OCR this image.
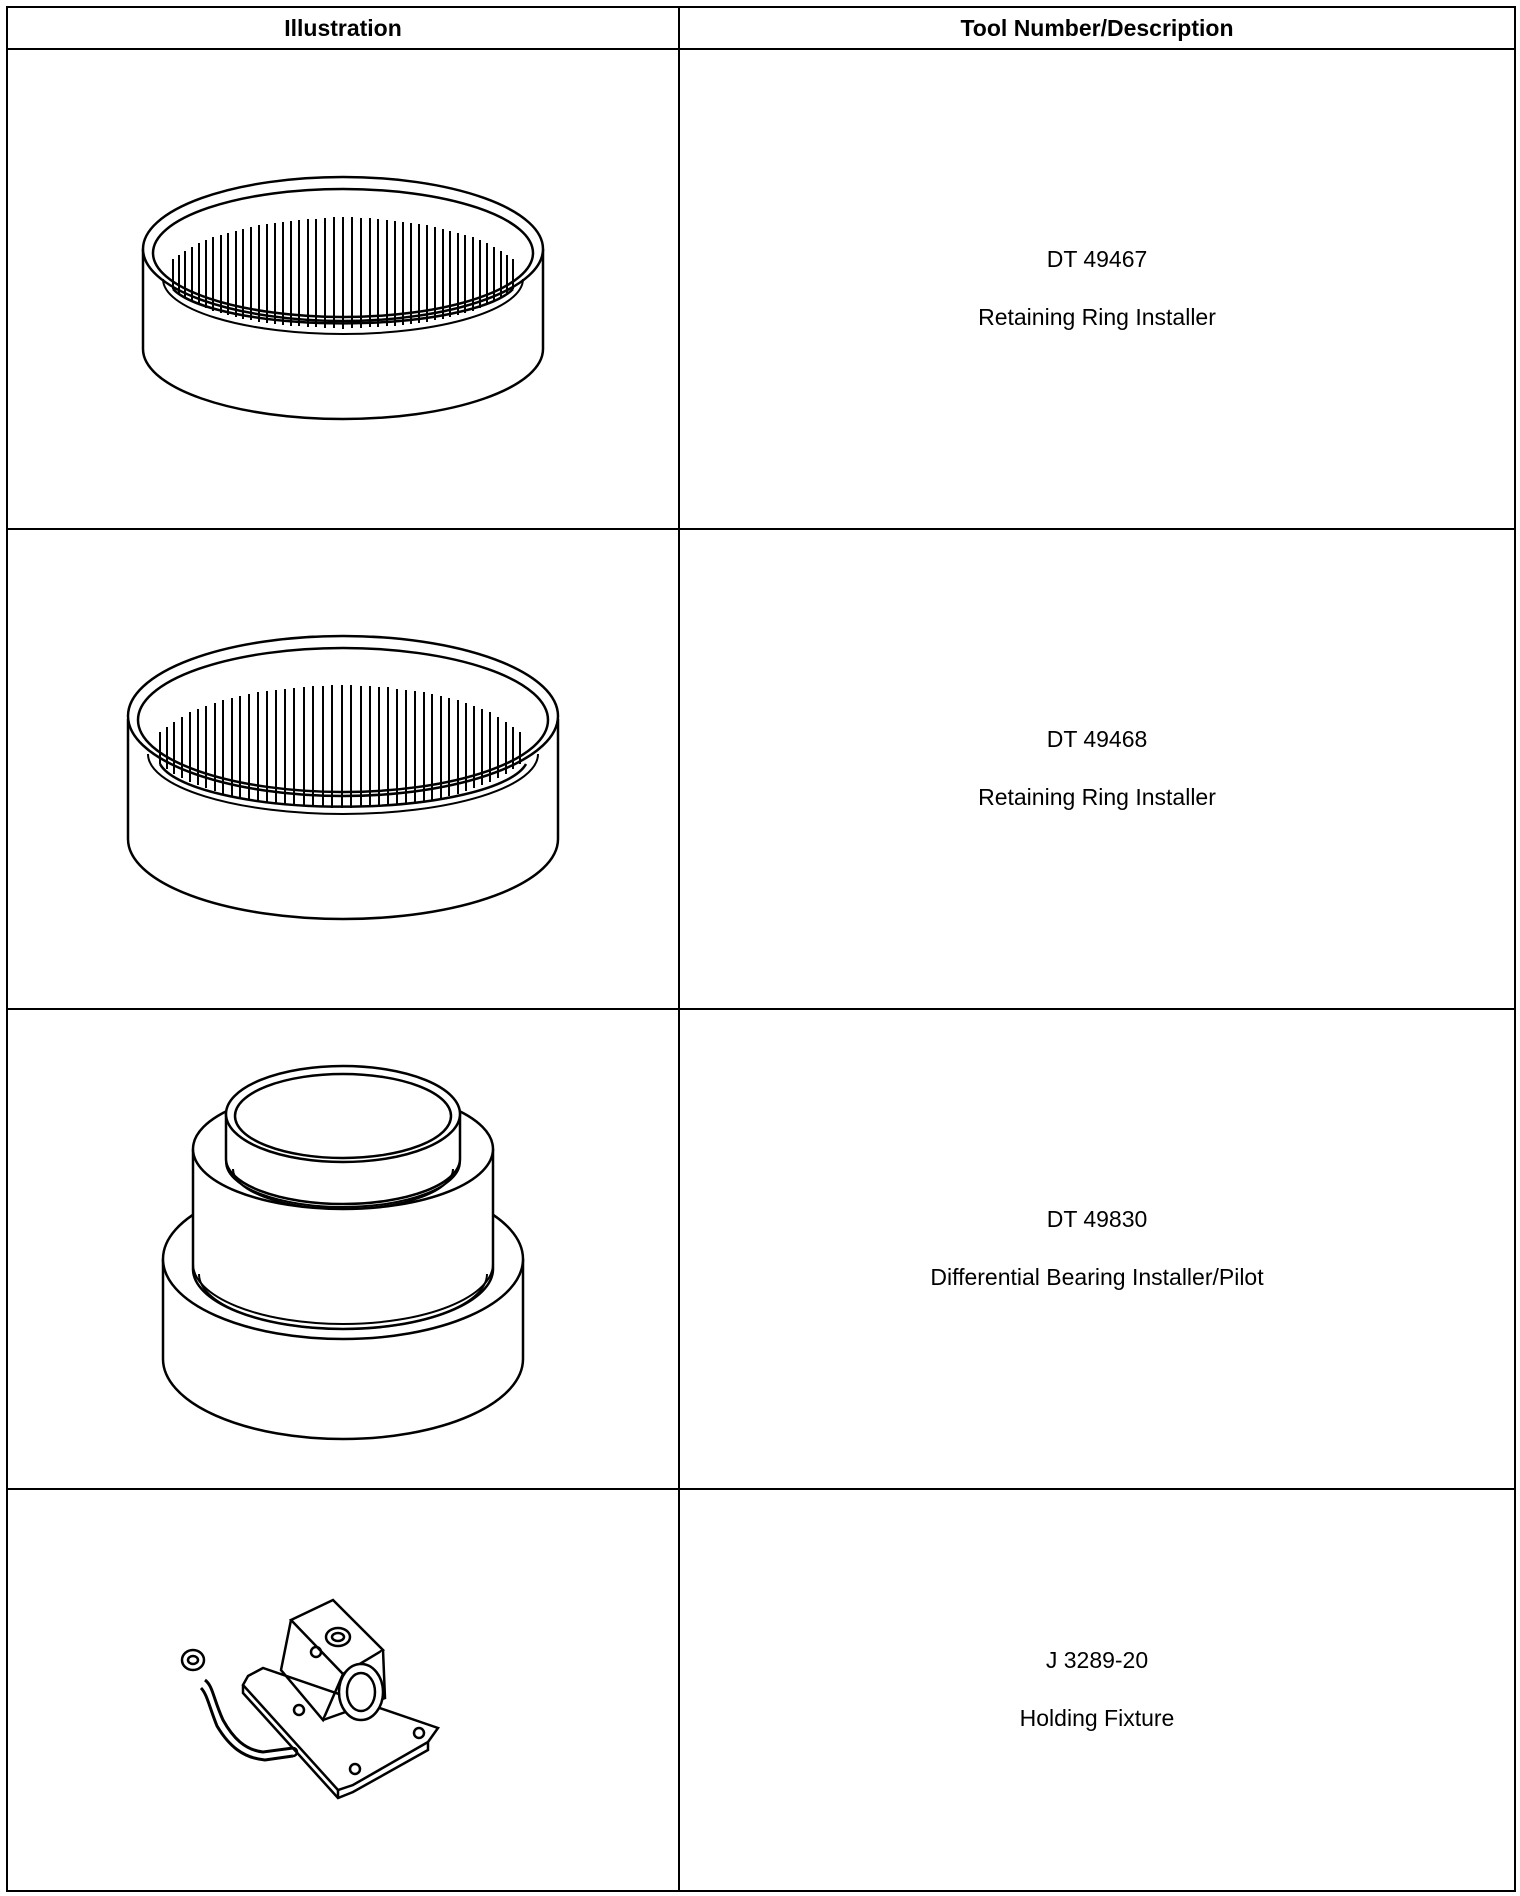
Illustration	Tool Number/Description

DT 49467
Retaining Ring Installer

DT 49468
Retaining Ring Installer

DT 49830
Differential Bearing Installer/Pilot

J 3289-20
Holding Fixture
